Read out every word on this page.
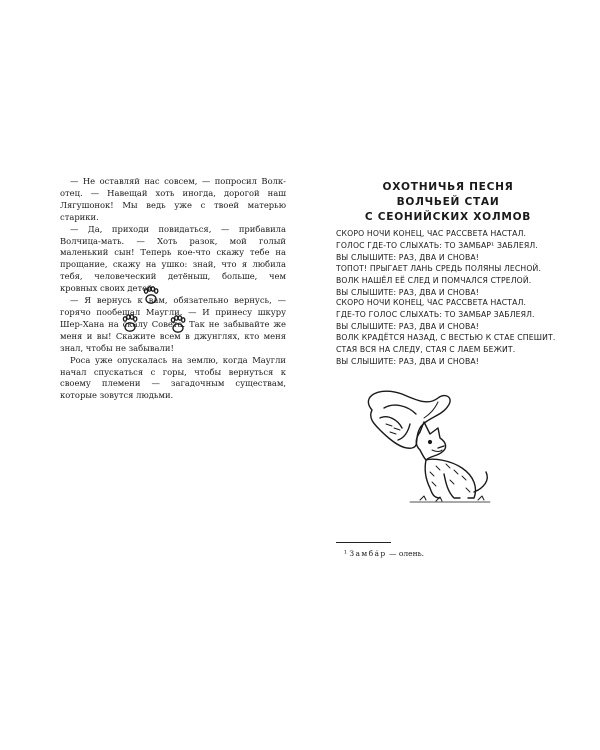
— Не оставляй нас совсем, — попросил Волк-отец. — Навещай хоть иногда, дорогой наш Лягушонок! Мы ведь уже с твоей матерью старики.

— Да, приходи повидаться, — прибавила Волчица-мать. — Хоть разок, мой голый маленький сын! Теперь кое-что скажу тебе на прощание, скажу на ушко: знай, что я любила тебя, человеческий детёныш, больше, чем кровных своих детей.

— Я вернусь к вам, обязательно вернусь, — горячо пообещал Маугли. — И принесу шкуру Шер-Хана на скалу Совета. Так не забывайте же меня и вы! Скажите всем в джунглях, кто меня знал, чтобы не забывали!

Роса уже опускалась на землю, когда Маугли начал спускаться с горы, чтобы вернуться к своему племени — загадочным существам, которые зовутся людьми.

ОХОТНИЧЬЯ ПЕСНЯ
ВОЛЧЬЕЙ СТАИ
С СЕОНИЙСКИХ ХОЛМОВ
СКОРО НОЧИ КОНЕЦ, ЧАС РАССВЕТА НАСТАЛ.
ГОЛОС ГДЕ-ТО СЛЫХАТЬ: ТО ЗАМБАР¹ ЗАБЛЕЯЛ.
ВЫ СЛЫШИТЕ: РАЗ, ДВА И СНОВА!
ТОПОТ! ПРЫГАЕТ ЛАНЬ СРЕДЬ ПОЛЯНЫ ЛЕСНОЙ.
ВОЛК НАШЁЛ ЕЁ СЛЕД И ПОМЧАЛСЯ СТРЕЛОЙ.
ВЫ СЛЫШИТЕ: РАЗ, ДВА И СНОВА!
СКОРО НОЧИ КОНЕЦ, ЧАС РАССВЕТА НАСТАЛ.
ГДЕ-ТО ГОЛОС СЛЫХАТЬ: ТО ЗАМБАР ЗАБЛЕЯЛ.
ВЫ СЛЫШИТЕ: РАЗ, ДВА И СНОВА!
ВОЛК КРАДЁТСЯ НАЗАД, С ВЕСТЬЮ К СТАЕ СПЕШИТ.
СТАЯ ВСЯ НА СЛЕДУ, СТАЯ С ЛАЕМ БЕЖИТ.
ВЫ СЛЫШИТЕ: РАЗ, ДВА И СНОВА!
¹ Замбáр — олень.
